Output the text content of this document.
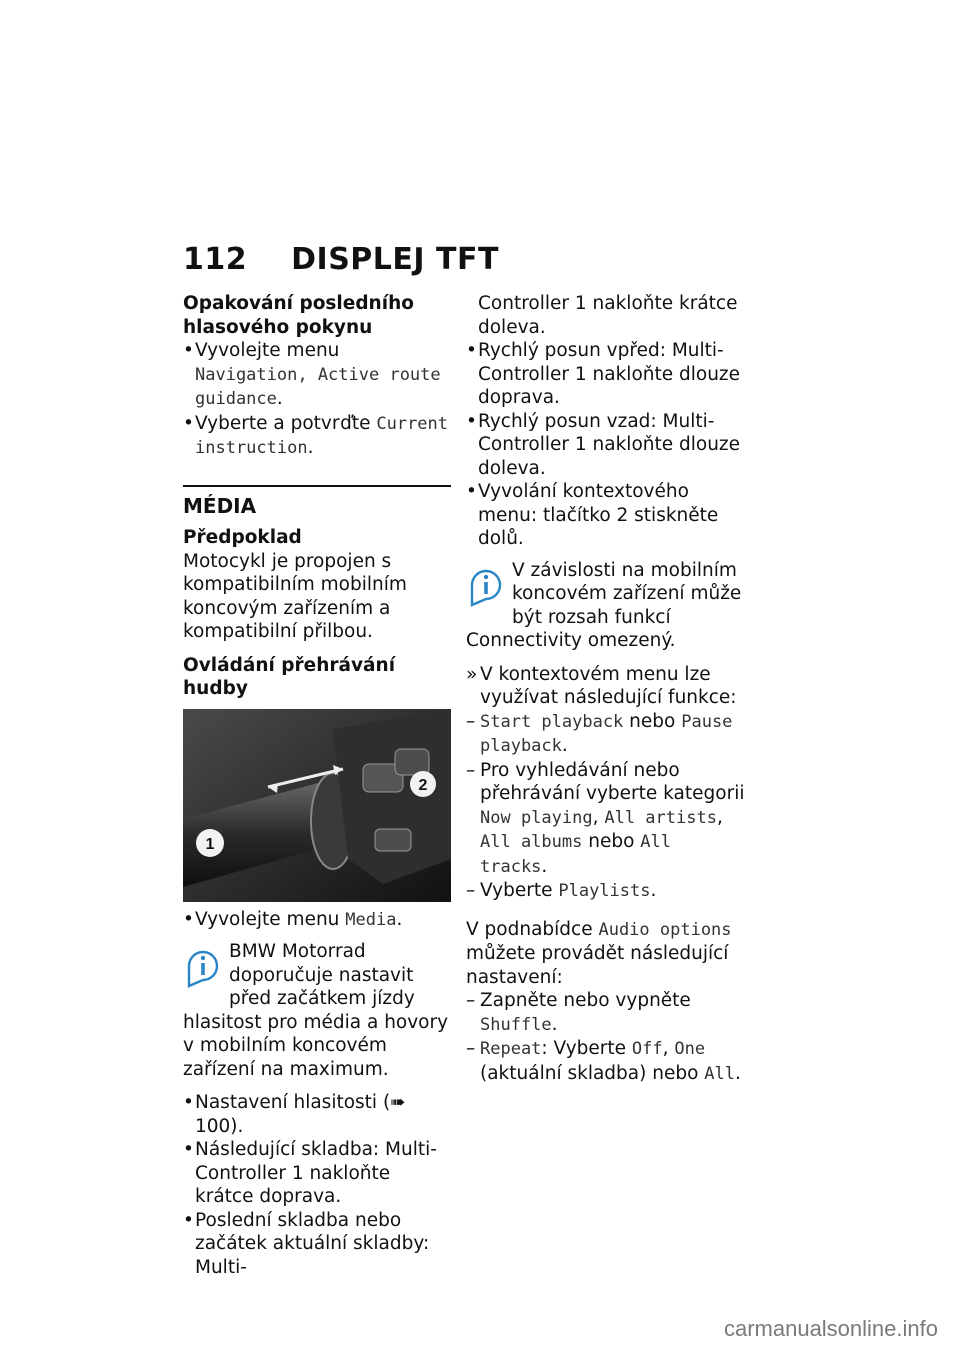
112 DISPLEJ TFT

Opakování posledního hlasového pokynu

• Vyvolejte menu Navigation, Active route guidance.

• Vyberte a potvrďte Current instruction.

MÉDIA

Předpoklad

Motocykl je propojen s kompatibilním mobilním koncovým zařízením a kompatibilní přilbou.

Ovládání přehrávání hudby

1
2

• Vyvolejte menu Media.

BMW Motorrad doporučuje nastavit před začátkem jízdy hlasitost pro média a hovory v mobilním koncovém zařízení na maximum.

• Nastavení hlasitosti (➠ 100).

• Následující skladba: Multi-Controller 1 nakloňte krátce doprava.

• Poslední skladba nebo začátek aktuální skladby: Multi-

Controller 1 nakloňte krátce doleva.

• Rychlý posun vpřed: Multi-Controller 1 nakloňte dlouze doprava.

• Rychlý posun vzad: Multi-Controller 1 nakloňte dlouze doleva.

• Vyvolání kontextového menu: tlačítko 2 stiskněte dolů.

V závislosti na mobilním koncovém zařízení může být rozsah funkcí Connectivity omezený.

» V kontextovém menu lze využívat následující funkce:

– Start playback nebo Pause playback.

– Pro vyhledávání nebo přehrávání vyberte kategorii Now playing, All artists, All albums nebo All tracks.

– Vyberte Playlists.

V podnabídce Audio options můžete provádět následující nastavení:

– Zapněte nebo vypněte Shuffle.

– Repeat: Vyberte Off, One (aktuální skladba) nebo All.

carmanualsonline.info
